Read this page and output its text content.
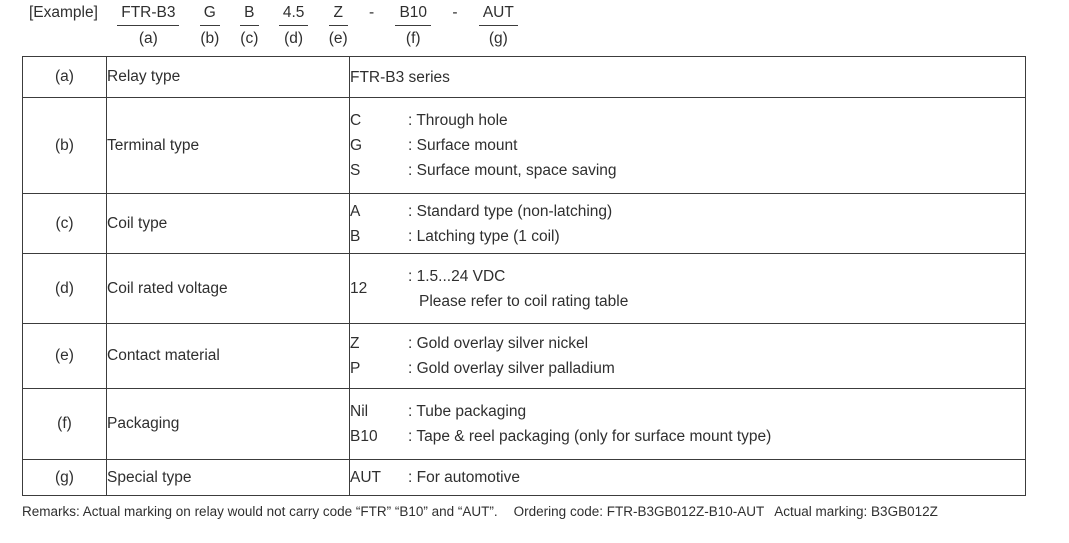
[Example]
FTR-B3
(a)
	$\frac{G}{(b)}$
$\frac{B}{(c)}$
$\frac{4.5}{(d)}$
$\frac{Z}{(e)}$
-
$\frac{B10}{(f)}$
-
AUT
(g)
(a)	Relay type	FTR-B3 series

(b)	Terminal type	C : Through hole
G : Surface mount
S : Surface mount, space saving

(c)	Coil type	A : Standard type (non-latching)
B : Latching type (1 coil)

(d)	Coil rated voltage	12
: 1.5...24 VDC
Please refer to coil rating table

(e)	Contact material	Z : Gold overlay silver nickel
P : Gold overlay silver palladium

(f)	Packaging	Nil : Tube packaging
B10 : Tape & reel packaging (only for surface mount type)

(g)	Special type	AUT : For automotive
Remarks: Actual marking on relay would not carry code “FTR” “B10” and “AUT”. Ordering code: FTR-B3GB012Z-B10-AUT Actual marking: B3GB012Z
